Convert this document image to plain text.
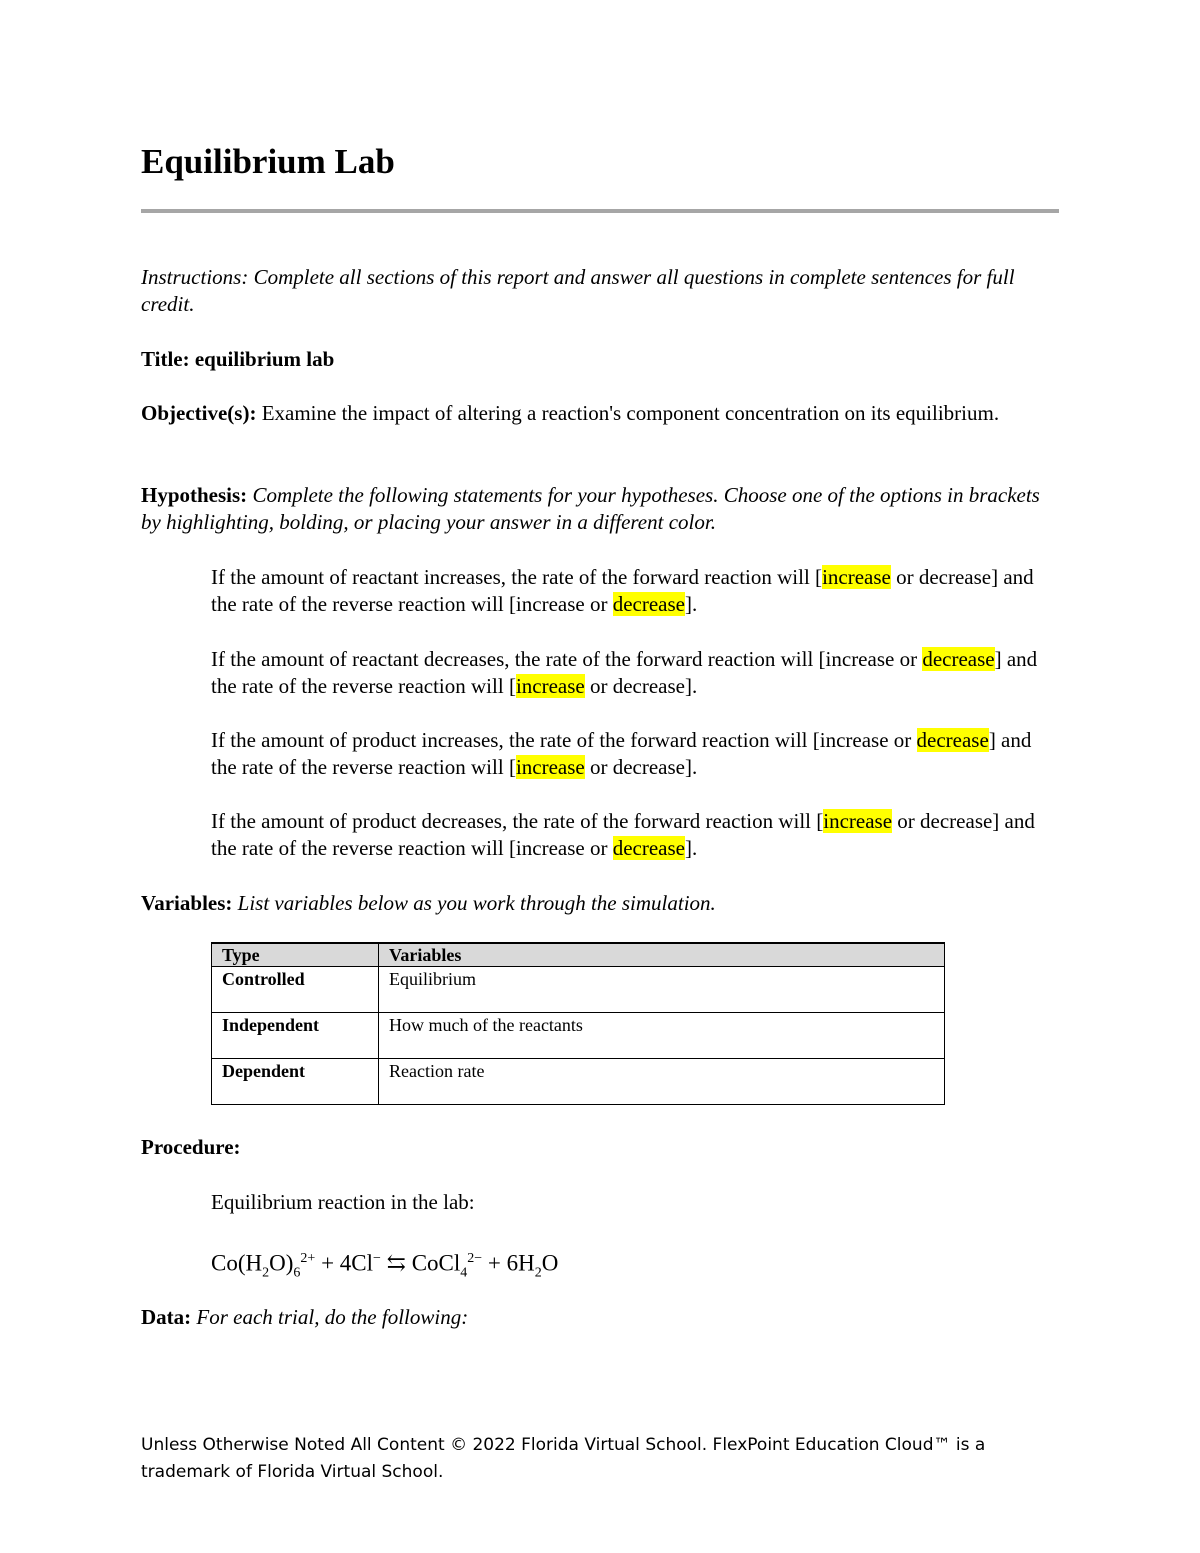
Equilibrium Lab
Instructions: Complete all sections of this report and answer all questions in complete sentences for full credit.
Title: equilibrium lab
Objective(s): Examine the impact of altering a reaction's component concentration on its equilibrium.
Hypothesis: Complete the following statements for your hypotheses. Choose one of the options in brackets by highlighting, bolding, or placing your answer in a different color.
If the amount of reactant increases, the rate of the forward reaction will [increase or decrease] and the rate of the reverse reaction will [increase or decrease].
If the amount of reactant decreases, the rate of the forward reaction will [increase or decrease] and the rate of the reverse reaction will [increase or decrease].
If the amount of product increases, the rate of the forward reaction will [increase or decrease] and the rate of the reverse reaction will [increase or decrease].
If the amount of product decreases, the rate of the forward reaction will [increase or decrease] and the rate of the reverse reaction will [increase or decrease].
Variables: List variables below as you work through the simulation.
Type	Variables
Controlled	Equilibrium
Independent	How much of the reactants
Dependent	Reaction rate
Procedure:
Equilibrium reaction in the lab:
$Co(H_2O)_6^{2+} + 4Cl^-$ ⇆ CoCl$_4^{2-}$ + $6H_2O$
Data: For each trial, do the following:
Unless Otherwise Noted All Content © 2022 Florida Virtual School. FlexPoint Education Cloud™ is a trademark of Florida Virtual School.
